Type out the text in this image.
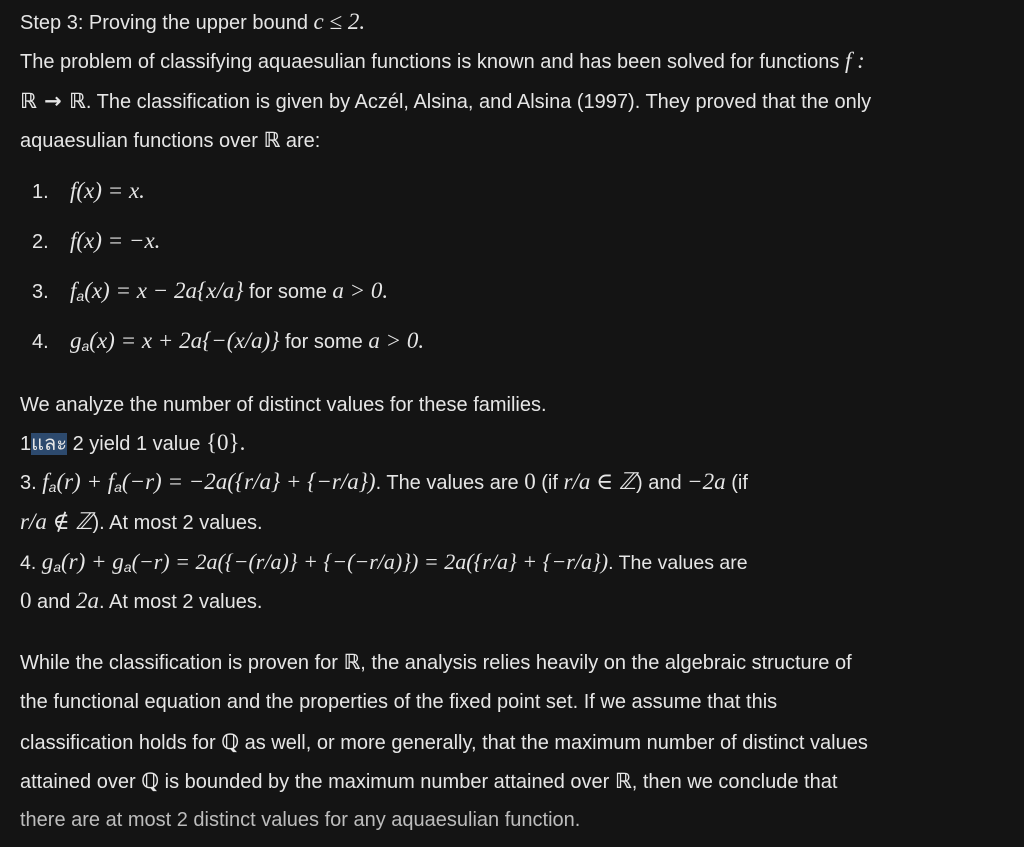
Step 3: Proving the upper bound c ≤ 2.
The problem of classifying aquaesulian functions is known and has been solved for functions f :
ℝ → ℝ. The classification is given by Aczél, Alsina, and Alsina (1997). They proved that the only
aquaesulian functions over ℝ are:
1. f(x) = x.
2. f(x) = −x.
3. fa(x) = x − 2a{x/a} for some a > 0.
4. ga(x) = x + 2a{−(x/a)} for some a > 0.
We analyze the number of distinct values for these families.
1และ 2 yield 1 value {0}.
3. fa(r) + fa(−r) = −2a({r/a} + {−r/a}). The values are 0 (if r/a ∈ ℤ) and −2a (if
r/a ∉ ℤ). At most 2 values.
4. ga(r) + ga(−r) = 2a({−(r/a)} + {−(−r/a)}) = 2a({r/a} + {−r/a}). The values are
0 and 2a. At most 2 values.
While the classification is proven for ℝ, the analysis relies heavily on the algebraic structure of
the functional equation and the properties of the fixed point set. If we assume that this
classification holds for ℚ as well, or more generally, that the maximum number of distinct values
attained over ℚ is bounded by the maximum number attained over ℝ, then we conclude that
there are at most 2 distinct values for any aquaesulian function.
